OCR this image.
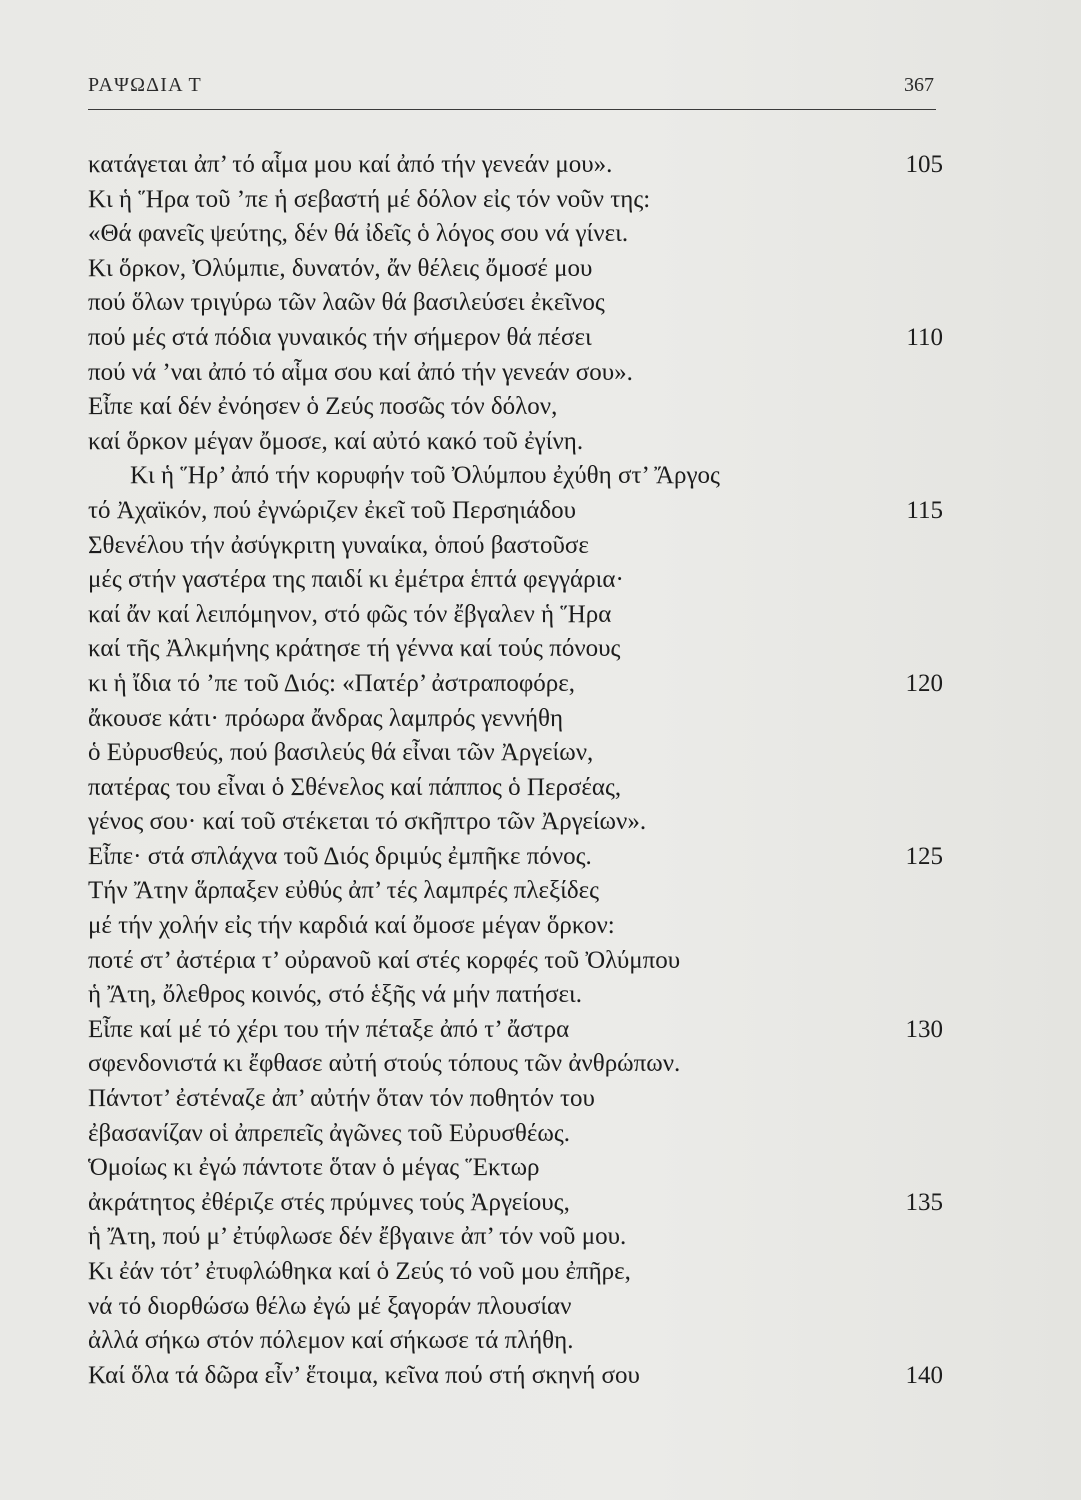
ΡΑΨΩΔΙΑ Τ	367
κατάγεται ἀπ’ τό αἷμα μου καί ἀπό τήν γενεάν μου».	105
Κι ἡ Ἥρα τοῦ ’πε ἡ σεβαστή μέ δόλον εἰς τόν νοῦν της:
«Θά φανεῖς ψεύτης, δέν θά ἰδεῖς ὁ λόγος σου νά γίνει.
Κι ὅρκον, Ὀλύμπιε, δυνατόν, ἄν θέλεις ὄμοσέ μου
πού ὅλων τριγύρω τῶν λαῶν θά βασιλεύσει ἐκεῖνος
πού μές στά πόδια γυναικός τήν σήμερον θά πέσει	110
πού νά ’ναι ἀπό τό αἷμα σου καί ἀπό τήν γενεάν σου».
Εἶπε καί δέν ἐνόησεν ὁ Ζεύς ποσῶς τόν δόλον,
καί ὅρκον μέγαν ὄμοσε, καί αὐτό κακό τοῦ ἐγίνη.
Κι ἡ Ἥρ’ ἀπό τήν κορυφήν τοῦ Ὀλύμπου ἐχύθη στ’ Ἄργος
τό Ἀχαϊκόν, πού ἐγνώριζεν ἐκεῖ τοῦ Περσηιάδου	115
Σθενέλου τήν ἀσύγκριτη γυναίκα, ὁπού βαστοῦσε
μές στήν γαστέρα της παιδί κι ἐμέτρα ἑπτά φεγγάρια·
καί ἄν καί λειπόμηνον, στό φῶς τόν ἔβγαλεν ἡ Ἥρα
καί τῆς Ἀλκμήνης κράτησε τή γέννα καί τούς πόνους
κι ἡ ἴδια τό ’πε τοῦ Διός: «Πατέρ’ ἀστραποφόρε,	120
ἄκουσε κάτι· πρόωρα ἄνδρας λαμπρός γεννήθη
ὁ Εὐρυσθεύς, πού βασιλεύς θά εἶναι τῶν Ἀργείων,
πατέρας του εἶναι ὁ Σθένελος καί πάππος ὁ Περσέας,
γένος σου· καί τοῦ στέκεται τό σκῆπτρο τῶν Ἀργείων».
Εἶπε· στά σπλάχνα τοῦ Διός δριμύς ἐμπῆκε πόνος.	125
Τήν Ἄτην ἅρπαξεν εὐθύς ἀπ’ τές λαμπρές πλεξίδες
μέ τήν χολήν εἰς τήν καρδιά καί ὄμοσε μέγαν ὅρκον:
ποτέ στ’ ἀστέρια τ’ οὐρανοῦ καί στές κορφές τοῦ Ὀλύμπου
ἡ Ἄτη, ὄλεθρος κοινός, στό ἑξῆς νά μήν πατήσει.
Εἶπε καί μέ τό χέρι του τήν πέταξε ἀπό τ’ ἄστρα	130
σφενδονιστά κι ἔφθασε αὐτή στούς τόπους τῶν ἀνθρώπων.
Πάντοτ’ ἐστέναζε ἀπ’ αὐτήν ὅταν τόν ποθητόν του
ἐβασανίζαν οἱ ἀπρεπεῖς ἀγῶνες τοῦ Εὐρυσθέως.
Ὁμοίως κι ἐγώ πάντοτε ὅταν ὁ μέγας Ἕκτωρ
ἀκράτητος ἐθέριζε στές πρύμνες τούς Ἀργείους,	135
ἡ Ἄτη, πού μ’ ἐτύφλωσε δέν ἔβγαινε ἀπ’ τόν νοῦ μου.
Κι ἐάν τότ’ ἐτυφλώθηκα καί ὁ Ζεύς τό νοῦ μου ἐπῆρε,
νά τό διορθώσω θέλω ἐγώ μέ ξαγοράν πλουσίαν
ἀλλά σήκω στόν πόλεμον καί σήκωσε τά πλήθη.
Καί ὅλα τά δῶρα εἶν’ ἕτοιμα, κεῖνα πού στή σκηνή σου	140
